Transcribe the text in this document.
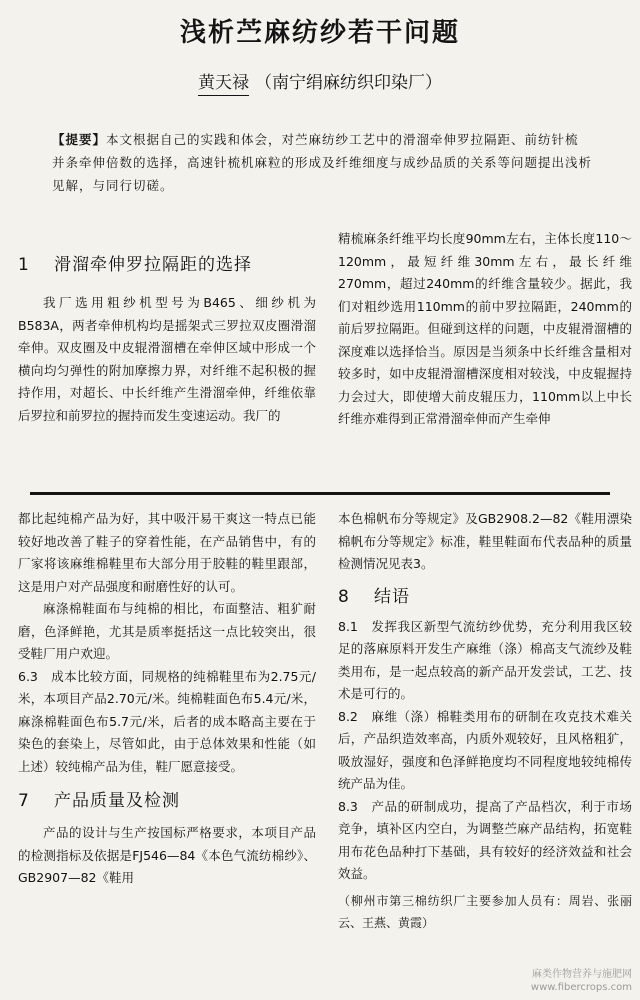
浅析苎麻纺纱若干问题
黄天禄 （南宁绢麻纺织印染厂）
【提要】本文根据自己的实践和体会，对苎麻纺纱工艺中的滑溜牵伸罗拉隔距、前纺针梳并条牵伸倍数的选择，高速针梳机麻粒的形成及纤维细度与成纱品质的关系等问题提出浅析见解，与同行切磋。
1 滑溜牵伸罗拉隔距的选择

我厂选用粗纱机型号为B465、细纱机为B583A，两者牵伸机构均是摇架式三罗拉双皮圈滑溜牵伸。双皮圈及中皮辊滑溜槽在牵伸区域中形成一个横向均匀弹性的附加摩擦力界，对纤维不起积极的握持作用，对超长、中长纤维产生滑溜牵伸，纤维依靠后罗拉和前罗拉的握持而发生变速运动。我厂的

精梳麻条纤维平均长度90mm左右，主体长度110～120mm，最短纤维30mm左右，最长纤维270mm，超过240mm的纤维含量较少。据此，我们对粗纱选用110mm的前中罗拉隔距，240mm的前后罗拉隔距。但碰到这样的问题，中皮辊滑溜槽的深度难以选择恰当。原因是当须条中长纤维含量相对较多时，如中皮辊滑溜槽深度相对较浅，中皮辊握持力会过大，即使增大前皮辊压力，110mm以上中长纤维亦难得到正常滑溜牵伸而产生牵伸

都比起纯棉产品为好，其中吸汗易干爽这一特点已能较好地改善了鞋子的穿着性能，在产品销售中，有的厂家将该麻维棉鞋里布大部分用于胶鞋的鞋里跟部，这是用户对产品强度和耐磨性好的认可。

麻涤棉鞋面布与纯棉的相比，布面整洁、粗犷耐磨，色泽鲜艳，尤其是质率挺括这一点比较突出，很受鞋厂用户欢迎。

6.3　成本比较方面，同规格的纯棉鞋里布为2.75元/米，本项目产品2.70元/米。纯棉鞋面色布5.4元/米，麻涤棉鞋面色布5.7元/米，后者的成本略高主要在于染色的套染上，尽管如此，由于总体效果和性能（如上述）较纯棉产品为佳，鞋厂愿意接受。

7 产品质量及检测

产品的设计与生产按国标严格要求，本项目产品的检测指标及依据是FJ546—84《本色气流纺棉纱》、GB2907—82《鞋用

本色棉帆布分等规定》及GB2908.2—82《鞋用漂染棉帆布分等规定》标准，鞋里鞋面布代表品种的质量检测情况见表3。

8 结语

8.1　发挥我区新型气流纺纱优势，充分利用我区较足的落麻原料开发生产麻维（涤）棉高支气流纱及鞋类用布，是一起点较高的新产品开发尝试，工艺、技术是可行的。

8.2　麻维（涤）棉鞋类用布的研制在攻克技术难关后，产品织造效率高，内质外观较好，且风格粗犷，吸放湿好，强度和色泽鲜艳度均不同程度地较纯棉传统产品为佳。

8.3　产品的研制成功，提高了产品档次，利于市场竞争，填补区内空白，为调整苎麻产品结构，拓宽鞋用布花色品种打下基础，具有较好的经济效益和社会效益。

（柳州市第三棉纺织厂主要参加人员有：周岩、张丽云、王燕、黄霞）

麻类作物营养与施肥网
www.fibercrops.com
